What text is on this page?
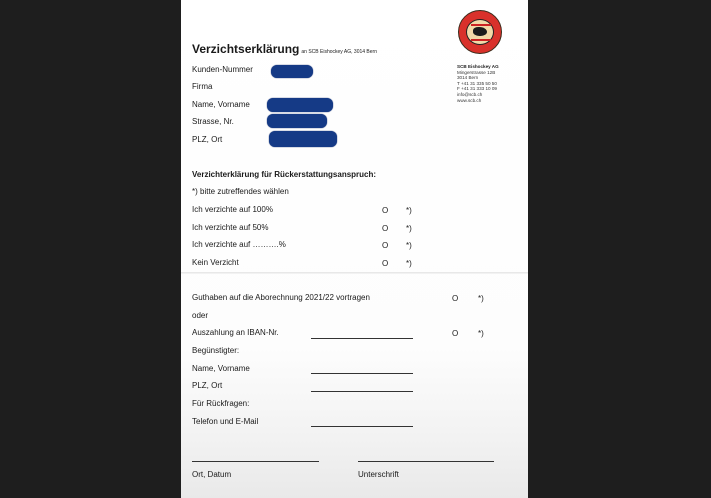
Verzichtserklärung an SCB Eishockey AG, 3014 Bern
SCB Eishockey AG
Mingerstrasse 12B
3014 Bern
T +41 31 335 50 50
F +41 31 333 10 09
info@scb.ch
www.scb.ch
Kunden-Nummer
Firma
Name, Vorname
Strasse, Nr.
PLZ, Ort
Verzichterklärung für Rückerstattungsanspruch:
*) bitte zutreffendes wählen
Ich verzichte auf 100%	O *)
Ich verzichte auf 50%	O *)
Ich verzichte auf ……….%	O *)
Kein Verzicht	O *)
Guthaben auf die Aborechnung 2021/22 vortragen	O *)
oder
Auszahlung an IBAN-Nr.	O *)
Begünstigter:
Name, Vorname
PLZ, Ort
Für Rückfragen:
Telefon und E-Mail
Ort, Datum	Unterschrift
